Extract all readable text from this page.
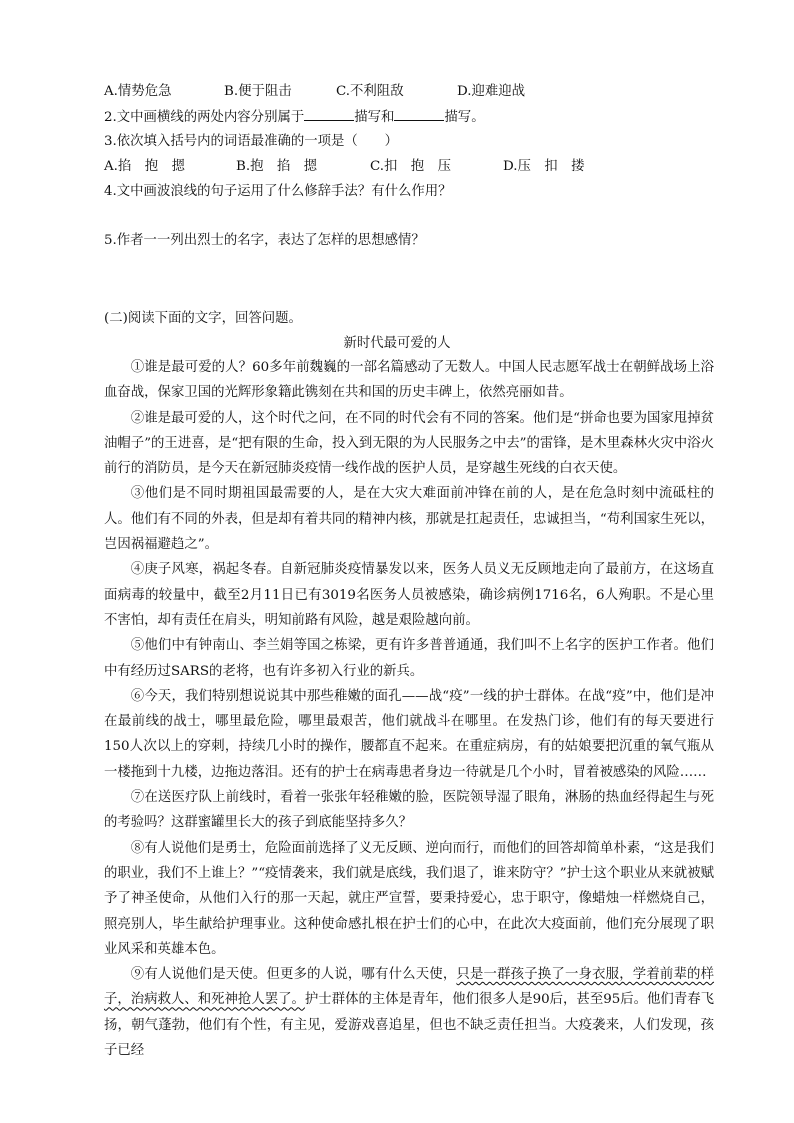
A.情势危急	B.便于阻击	C.不利阻敌	D.迎难迎战
2.文中画横线的两处内容分别属于	描写和	描写。
3.依次填入括号内的词语最准确的一项是（　　）
A.掐　抱　摁	B.抱　掐　摁	C.扣　抱　压	D.压　扣　搂
4.文中画波浪线的句子运用了什么修辞手法？有什么作用？
5.作者一一列出烈士的名字，表达了怎样的思想感情？
(二)阅读下面的文字，回答问题。
新时代最可爱的人

①谁是最可爱的人？60多年前魏巍的一部名篇感动了无数人。中国人民志愿军战士在朝鲜战场上浴血奋战，保家卫国的光辉形象籍此镌刻在共和国的历史丰碑上，依然亮丽如昔。

②谁是最可爱的人，这个时代之问，在不同的时代会有不同的答案。他们是“拼命也要为国家甩掉贫油帽子”的王进喜，是“把有限的生命，投入到无限的为人民服务之中去”的雷锋，是木里森林火灾中浴火前行的消防员，是今天在新冠肺炎疫情一线作战的医护人员，是穿越生死线的白衣天使。

③他们是不同时期祖国最需要的人，是在大灾大难面前冲锋在前的人，是在危急时刻中流砥柱的人。他们有不同的外表，但是却有着共同的精神内核，那就是扛起责任，忠诚担当，“苟利国家生死以，岂因祸福避趋之”。

④庚子风寒，祸起冬春。自新冠肺炎疫情暴发以来，医务人员义无反顾地走向了最前方，在这场直面病毒的较量中，截至2月11日已有3019名医务人员被感染，确诊病例1716名，6人殉职。不是心里不害怕，却有责任在肩头，明知前路有风险，越是艰险越向前。

⑤他们中有钟南山、李兰娟等国之栋梁，更有许多普普通通，我们叫不上名字的医护工作者。他们中有经历过SARS的老将，也有许多初入行业的新兵。

⑥今天，我们特别想说说其中那些稚嫩的面孔——战“疫”一线的护士群体。在战“疫”中，他们是冲在最前线的战士，哪里最危险，哪里最艰苦，他们就战斗在哪里。在发热门诊，他们有的每天要进行150人次以上的穿刺，持续几小时的操作，腰都直不起来。在重症病房，有的姑娘要把沉重的氧气瓶从一楼拖到十九楼，边拖边落泪。还有的护士在病毒患者身边一待就是几个小时，冒着被感染的风险……

⑦在送医疗队上前线时，看着一张张年轻稚嫩的脸，医院领导湿了眼角，淋肠的热血经得起生与死的考验吗？这群蜜罐里长大的孩子到底能坚持多久？

⑧有人说他们是勇士，危险面前选择了义无反顾、逆向而行，而他们的回答却简单朴素，“这是我们的职业，我们不上谁上？”“疫情袭来，我们就是底线，我们退了，谁来防守？”护士这个职业从来就被赋予了神圣使命，从他们入行的那一天起，就庄严宣誓，要秉持爱心，忠于职守，像蜡烛一样燃烧自己，照亮别人，毕生献给护理事业。这种使命感扎根在护士们的心中，在此次大疫面前，他们充分展现了职业风采和英雄本色。

⑨有人说他们是天使。但更多的人说，哪有什么天使，只是一群孩子换了一身衣服，学着前辈的样子，治病救人、和死神抢人罢了。护士群体的主体是青年，他们很多人是90后，甚至95后。他们青春飞扬，朝气蓬勃，他们有个性，有主见，爱游戏喜追星，但也不缺乏责任担当。大疫袭来，人们发现，孩子已经
